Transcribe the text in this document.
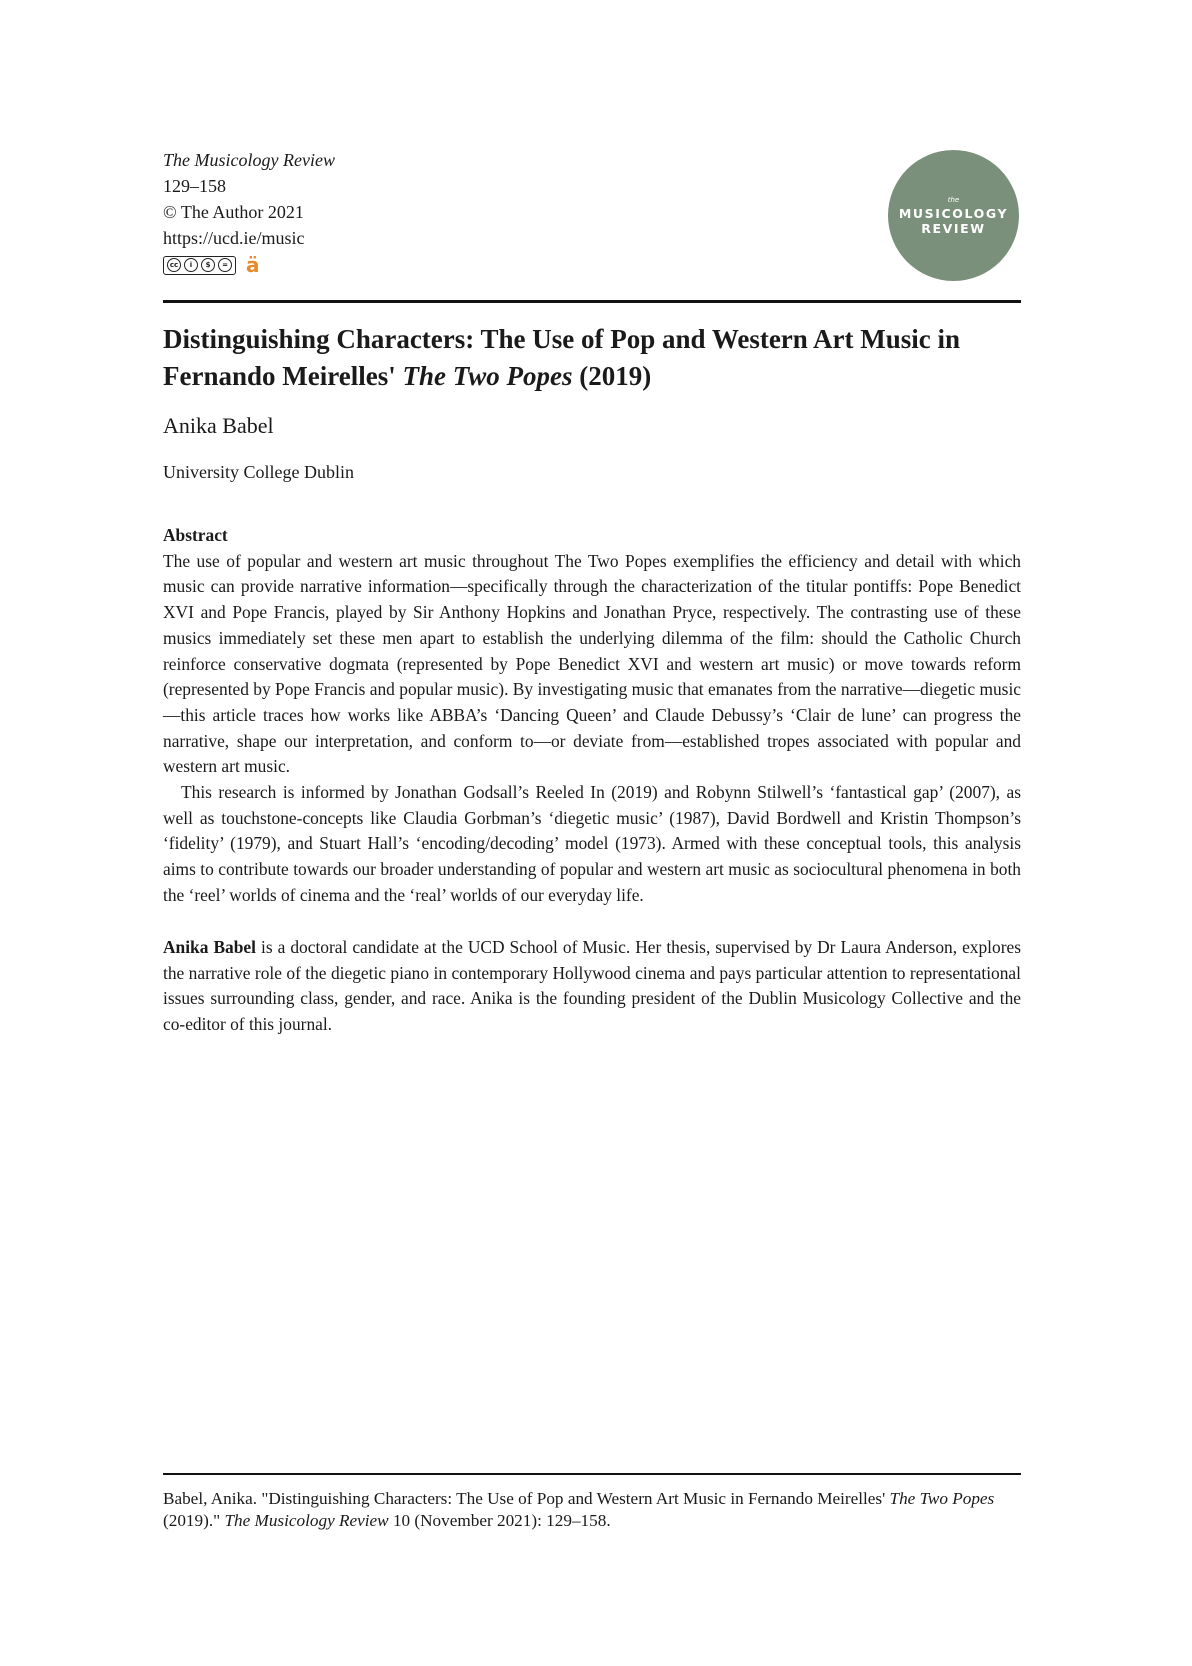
The Musicology Review
129–158
© The Author 2021
https://ucd.ie/music
cc	i	$	= ä
the
MUSICOLOGY
REVIEW
Distinguishing Characters: The Use of Pop and Western Art Music in Fernando Meirelles' The Two Popes (2019)
Anika Babel
University College Dublin
Abstract

The use of popular and western art music throughout The Two Popes exemplifies the efficiency and detail with which music can provide narrative information—specifically through the characterization of the titular pontiffs: Pope Benedict XVI and Pope Francis, played by Sir Anthony Hopkins and Jonathan Pryce, respectively. The contrasting use of these musics immediately set these men apart to establish the underlying dilemma of the film: should the Catholic Church reinforce conservative dogmata (represented by Pope Benedict XVI and western art music) or move towards reform (represented by Pope Francis and popular music). By investigating music that emanates from the narrative—diegetic music—this article traces how works like ABBA’s ‘Dancing Queen’ and Claude Debussy’s ‘Clair de lune’ can progress the narrative, shape our interpretation, and conform to—or deviate from—established tropes associated with popular and western art music.

This research is informed by Jonathan Godsall’s Reeled In (2019) and Robynn Stilwell’s ‘fantastical gap’ (2007), as well as touchstone-concepts like Claudia Gorbman’s ‘diegetic music’ (1987), David Bordwell and Kristin Thompson’s ‘fidelity’ (1979), and Stuart Hall’s ‘encoding/decoding’ model (1973). Armed with these conceptual tools, this analysis aims to contribute towards our broader understanding of popular and western art music as sociocultural phenomena in both the ‘reel’ worlds of cinema and the ‘real’ worlds of our everyday life.

Anika Babel is a doctoral candidate at the UCD School of Music. Her thesis, supervised by Dr Laura Anderson, explores the narrative role of the diegetic piano in contemporary Hollywood cinema and pays particular attention to representational issues surrounding class, gender, and race. Anika is the founding president of the Dublin Musicology Collective and the co-editor of this journal.

Babel, Anika. "Distinguishing Characters: The Use of Pop and Western Art Music in Fernando Meirelles' The Two Popes (2019)." The Musicology Review 10 (November 2021): 129–158.
